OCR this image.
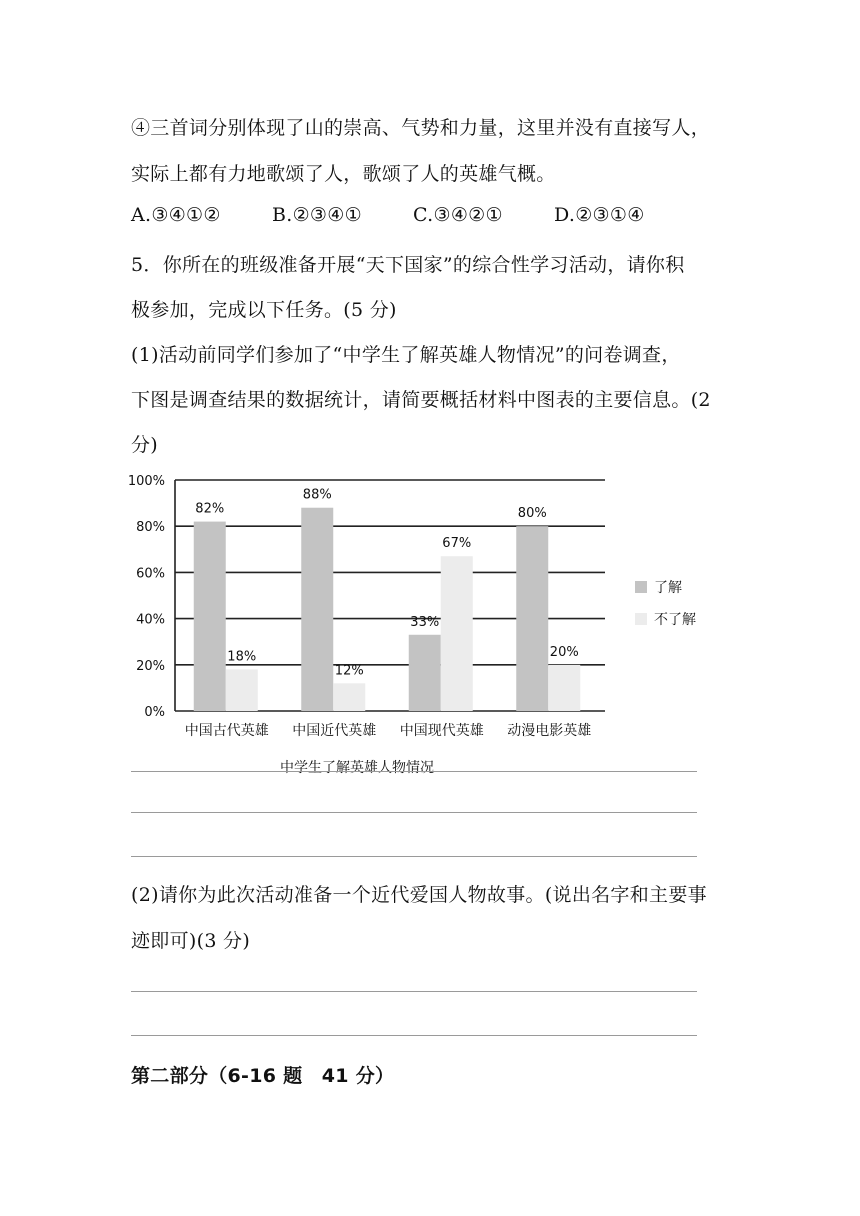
④三首词分别体现了山的崇高、气势和力量，这里并没有直接写人，
实际上都有力地歌颂了人，歌颂了人的英雄气概。
A.③④①②	B.②③④①	C.③④②①	D.②③①④
5．你所在的班级准备开展“天下国家”的综合性学习活动，请你积
极参加，完成以下任务。(5 分)
(1)活动前同学们参加了“中学生了解英雄人物情况”的问卷调查，
下图是调查结果的数据统计，请简要概括材料中图表的主要信息。(2
分)
82%
18%
88%
12%
33%
67%
80%
20%
0%
20%
40%
60%
80%
100%
中国古代英雄 中国近代英雄 中国现代英雄 动漫电影英雄
了解
不了解
中学生了解英雄人物情况
(2)请你为此次活动准备一个近代爱国人物故事。(说出名字和主要事
迹即可)(3 分)
第二部分（6-16 题　41 分）
